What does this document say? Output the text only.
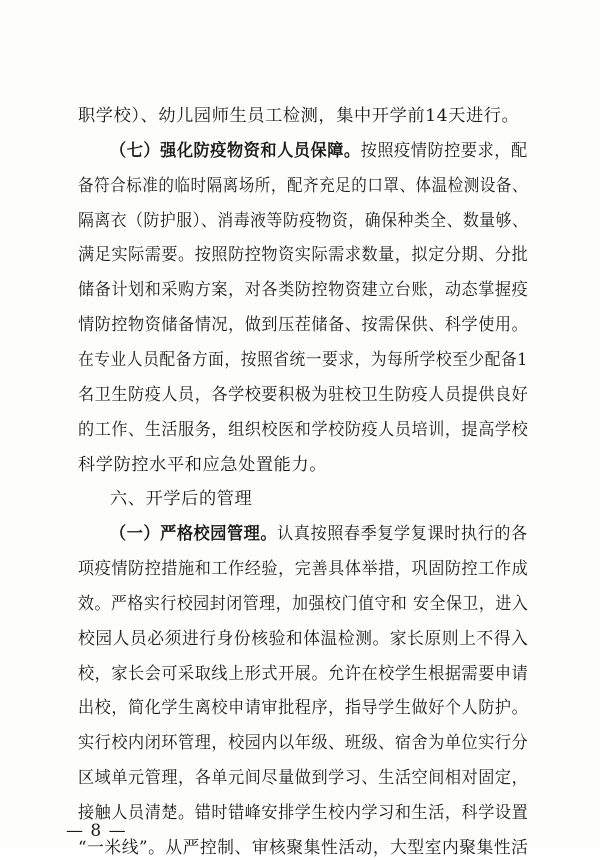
职学校）、幼儿园师生员工检测，集中开学前14天进行。
（七）强化防疫物资和人员保障。按照疫情防控要求，配
备符合标准的临时隔离场所，配齐充足的口罩、体温检测设备、
隔离衣（防护服）、消毒液等防疫物资，确保种类全、数量够、
满足实际需要。按照防控物资实际需求数量，拟定分期、分批
储备计划和采购方案，对各类防控物资建立台账，动态掌握疫
情防控物资储备情况，做到压茬储备、按需保供、科学使用。
在专业人员配备方面，按照省统一要求，为每所学校至少配备1
名卫生防疫人员，各学校要积极为驻校卫生防疫人员提供良好
的工作、生活服务，组织校医和学校防疫人员培训，提高学校
科学防控水平和应急处置能力。
六、开学后的管理
（一）严格校园管理。认真按照春季复学复课时执行的各
项疫情防控措施和工作经验，完善具体举措，巩固防控工作成
效。严格实行校园封闭管理，加强校门值守和 安全保卫，进入
校园人员必须进行身份核验和体温检测。家长原则上不得入
校，家长会可采取线上形式开展。允许在校学生根据需要申请
出校，简化学生离校申请审批程序，指导学生做好个人防护。
实行校内闭环管理，校园内以年级、班级、宿舍为单位实行分
区域单元管理，各单元间尽量做到学习、生活空间相对固定，
接触人员清楚。错时错峰安排学生校内学习和生活，科学设置
“一米线”。从严控制、审核聚集性活动，大型室内聚集性活
— 8 —
